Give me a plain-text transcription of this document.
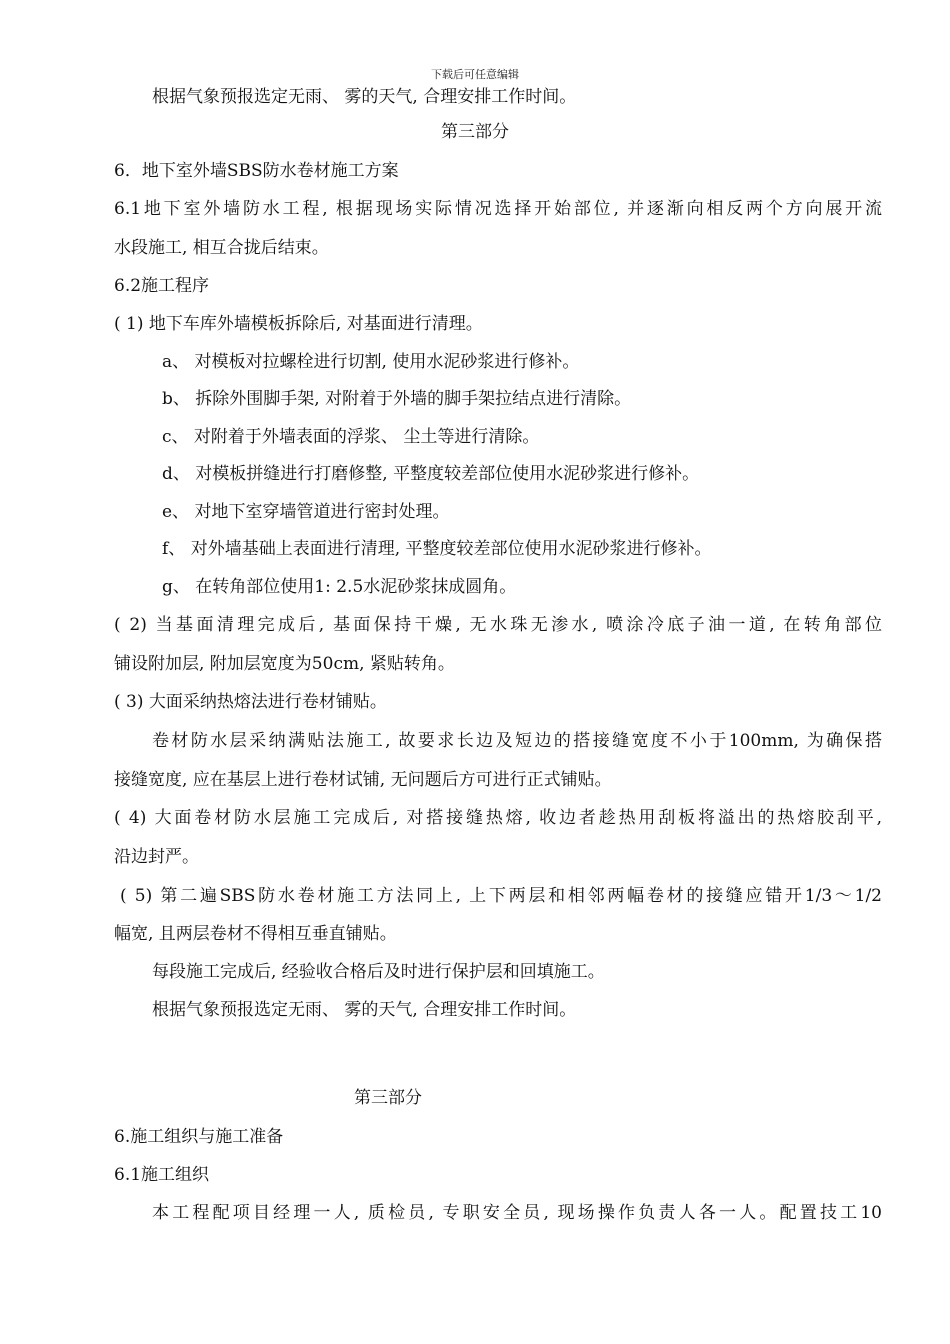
下载后可任意编辑
根据气象预报选定无雨、 雾的天气, 合理安排工作时间。
第三部分
6．地下室外墙SBS防水卷材施工方案
6.1地下室外墙防水工程, 根据现场实际情况选择开始部位, 并逐渐向相反两个方向展开流
水段施工, 相互合拢后结束。
6.2施工程序
( 1) 地下车库外墙模板拆除后, 对基面进行清理。
a、 对模板对拉螺栓进行切割, 使用水泥砂浆进行修补。
b、 拆除外围脚手架, 对附着于外墙的脚手架拉结点进行清除。
c、 对附着于外墙表面的浮浆、 尘土等进行清除。
d、 对模板拼缝进行打磨修整, 平整度较差部位使用水泥砂浆进行修补。
e、 对地下室穿墙管道进行密封处理。
f、 对外墙基础上表面进行清理, 平整度较差部位使用水泥砂浆进行修补。
g、 在转角部位使用1: 2.5水泥砂浆抹成圆角。
( 2) 当基面清理完成后, 基面保持干燥, 无水珠无渗水, 喷涂冷底子油一道, 在转角部位
铺设附加层, 附加层宽度为50cm, 紧贴转角。
( 3) 大面采纳热熔法进行卷材铺贴。
卷材防水层采纳满贴法施工, 故要求长边及短边的搭接缝宽度不小于100mm, 为确保搭
接缝宽度, 应在基层上进行卷材试铺, 无问题后方可进行正式铺贴。
( 4) 大面卷材防水层施工完成后, 对搭接缝热熔, 收边者趁热用刮板将溢出的热熔胶刮平,
沿边封严。
( 5) 第二遍SBS防水卷材施工方法同上, 上下两层和相邻两幅卷材的接缝应错开1/3～1/2
幅宽, 且两层卷材不得相互垂直铺贴。
每段施工完成后, 经验收合格后及时进行保护层和回填施工。
根据气象预报选定无雨、 雾的天气, 合理安排工作时间。
第三部分
6.施工组织与施工准备
6.1施工组织
本工程配项目经理一人, 质检员, 专职安全员, 现场操作负责人各一人。配置技工10
